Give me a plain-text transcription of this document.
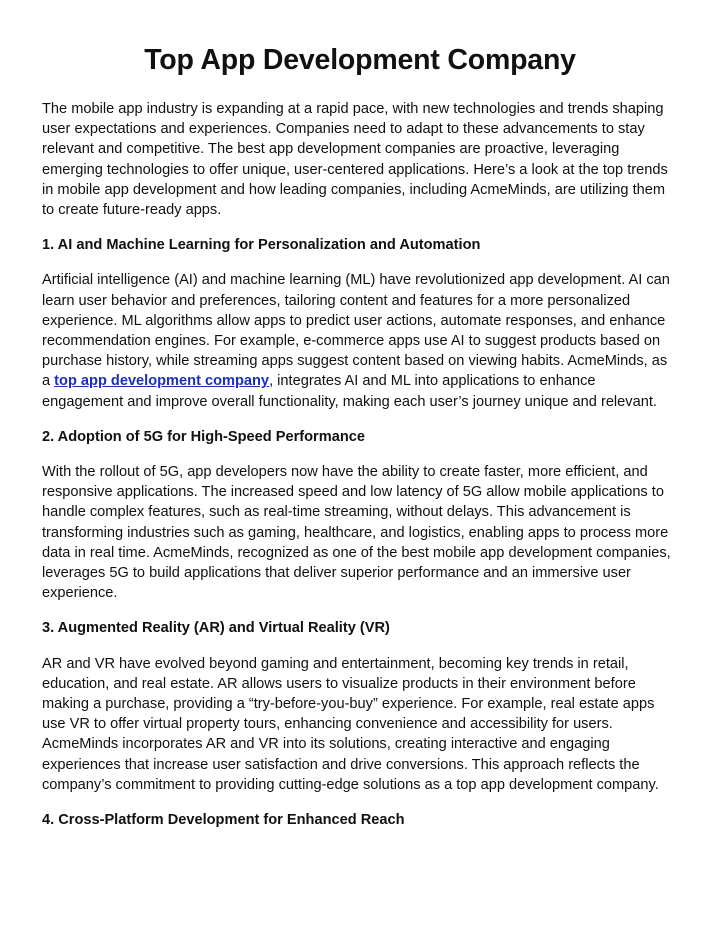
Top App Development Company

The mobile app industry is expanding at a rapid pace, with new technologies and trends shaping user expectations and experiences. Companies need to adapt to these advancements to stay relevant and competitive. The best app development companies are proactive, leveraging emerging technologies to offer unique, user-centered applications. Here’s a look at the top trends in mobile app development and how leading companies, including AcmeMinds, are utilizing them to create future-ready apps.

1. AI and Machine Learning for Personalization and Automation

Artificial intelligence (AI) and machine learning (ML) have revolutionized app development. AI can learn user behavior and preferences, tailoring content and features for a more personalized experience. ML algorithms allow apps to predict user actions, automate responses, and enhance recommendation engines. For example, e-commerce apps use AI to suggest products based on purchase history, while streaming apps suggest content based on viewing habits. AcmeMinds, as a top app development company, integrates AI and ML into applications to enhance engagement and improve overall functionality, making each user’s journey unique and relevant.

2. Adoption of 5G for High-Speed Performance

With the rollout of 5G, app developers now have the ability to create faster, more efficient, and responsive applications. The increased speed and low latency of 5G allow mobile applications to handle complex features, such as real-time streaming, without delays. This advancement is transforming industries such as gaming, healthcare, and logistics, enabling apps to process more data in real time. AcmeMinds, recognized as one of the best mobile app development companies, leverages 5G to build applications that deliver superior performance and an immersive user experience.

3. Augmented Reality (AR) and Virtual Reality (VR)

AR and VR have evolved beyond gaming and entertainment, becoming key trends in retail, education, and real estate. AR allows users to visualize products in their environment before making a purchase, providing a “try-before-you-buy” experience. For example, real estate apps use VR to offer virtual property tours, enhancing convenience and accessibility for users. AcmeMinds incorporates AR and VR into its solutions, creating interactive and engaging experiences that increase user satisfaction and drive conversions. This approach reflects the company’s commitment to providing cutting-edge solutions as a top app development company.

4. Cross-Platform Development for Enhanced Reach
